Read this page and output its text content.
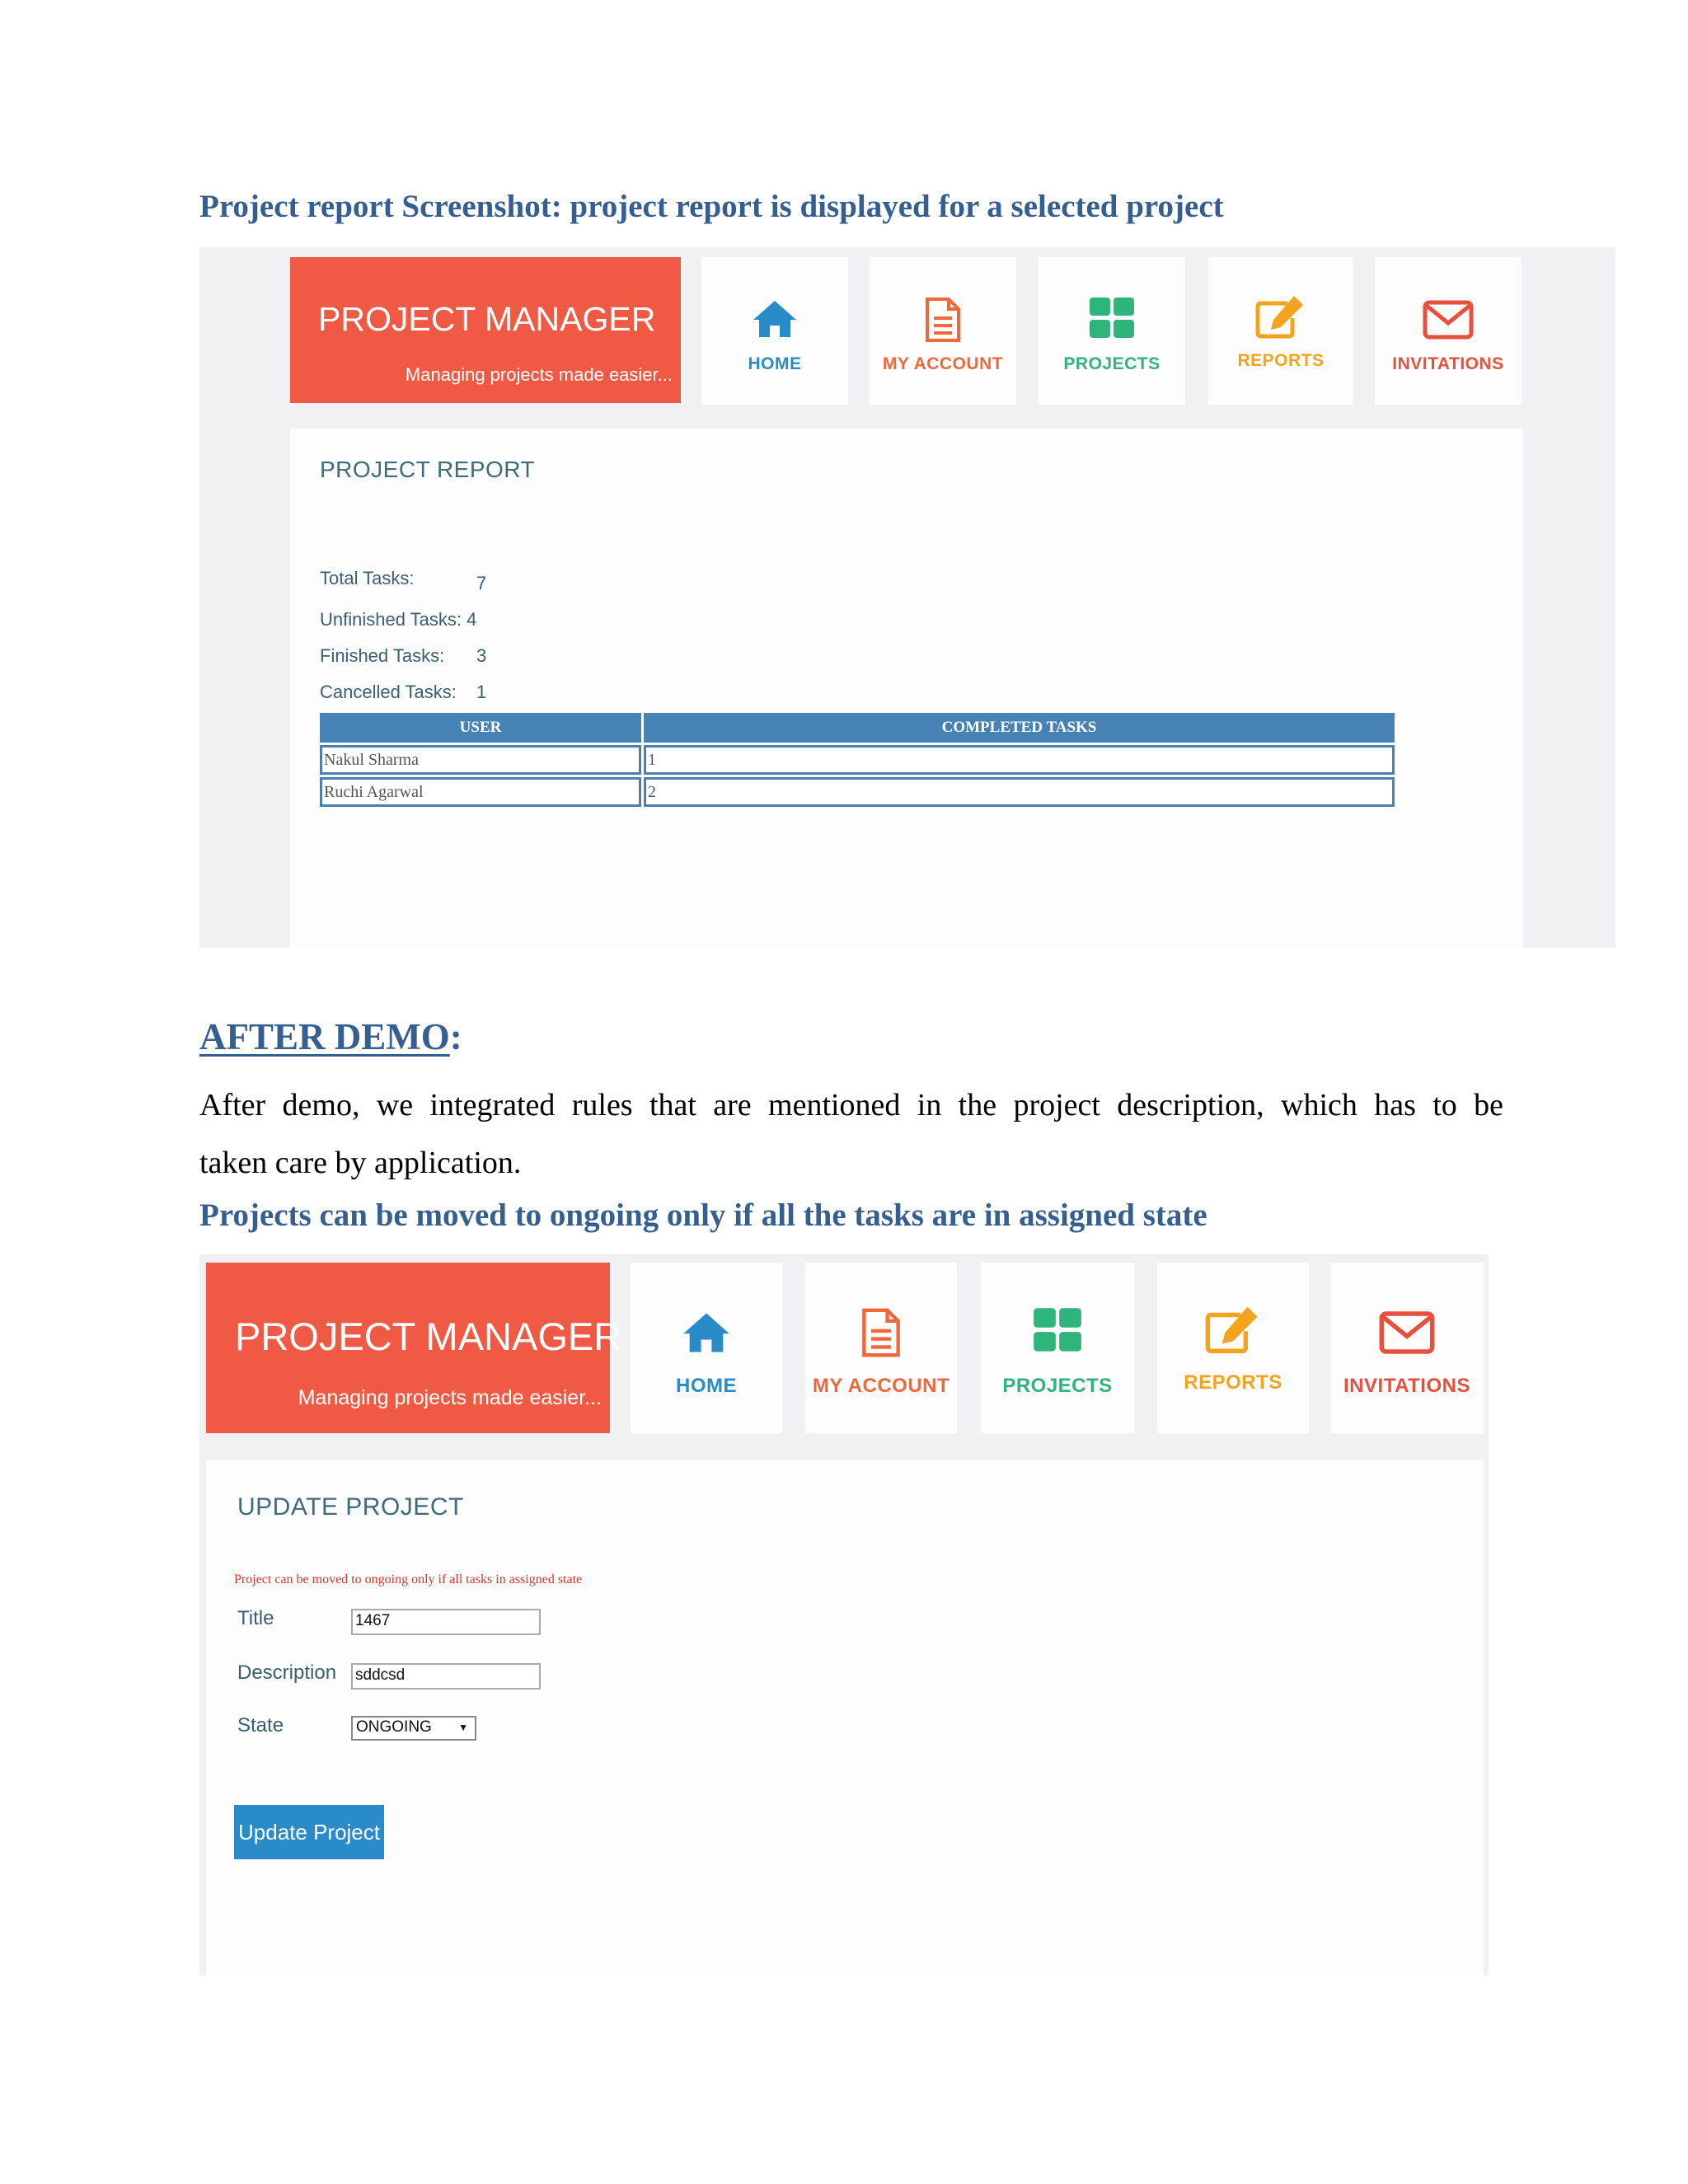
Project report Screenshot: project report is displayed for a selected project
PROJECT MANAGER
Managing projects made easier...
HOME	MY ACCOUNT	PROJECTS	REPORTS	INVITATIONS
PROJECT REPORT
Total Tasks:	7
Unfinished Tasks: 4
Finished Tasks: 3
Cancelled Tasks: 1
USER	COMPLETED TASKS
Nakul Sharma	1
Ruchi Agarwal	2
AFTER DEMO:
After demo, we integrated rules that are mentioned in the project description, which has to be
taken care by application.
Projects can be moved to ongoing only if all the tasks are in assigned state
PROJECT MANAGER
Managing projects made easier...
HOME	MY ACCOUNT	PROJECTS	REPORTS	INVITATIONS
UPDATE PROJECT
Project can be moved to ongoing only if all tasks in assigned state
Title	1467
Description sddcsd
State	ONGOING	▼
Update Project
